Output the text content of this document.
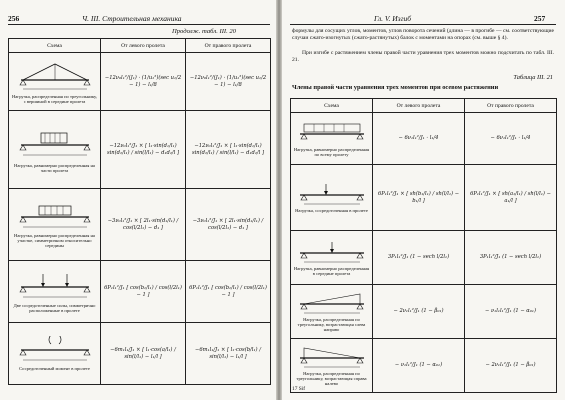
256	Ч. III. Строительная механика
Продолж. табл. III. 20
Схема	От левого пролета	От правого пролета

Нагрузка, распределенная по треугольнику, с вершиной в середине пролета	−12ν₀l₁²/(J₁) · (1/u₁²)(sec u₁/2 − 1) − l₁/8	−12ν₀l₁²/(J₁) · (1/u₁²)(sec u₁/2 − 1) − l₁/8

Нагрузка, равномерно распределенная на части пролета	−12ν₀l₁²/J₁ × [ l₁·sin(d₁/l₁) sin(d₂/l₁) / sin(l/l₁) − d₁d₂/l ]	−12ν₀l₁²/J₁ × [ l₁·sin(d₁/l₁) sin(d₂/l₁) / sin(l/l₁) − d₁d₂/l ]

Нагрузка, равномерно распределенная на участке, симметричном относительно середины	−3ν₀l₁²/J₁ × [ 2l₁·sin(d₁/l₁) / cos(l/2l₁) − d₁ ]	−3ν₀l₁²/J₁ × [ 2l₁·sin(d₁/l₁) / cos(l/2l₁) − d₁ ]

Две сосредоточенные силы, симметрично расположенные в пролете	6P₁l₁²/J₁ [ cos(b₁/l₁) / cos(l/2l₁) − 1 ]	6P₁l₁²/J₁ [ cos(b₁/l₁) / cos(l/2l₁) − 1 ]

Сосредоточенный момент в пролете	−6m₁l₁/J₁ × [ l₁·cos(a/l₁) / sin(l/l₁) − l₁/l ]	−6m₁l₁/J₁ × [ l₁·cos(b/l₁) / sin(l/l₁) − l₁/l ]
Гл. V. Изгиб	257
формулы для сосущих углов, моментов, углов поворота сечений (длина — в прогибе — см. соответствующие случаи сжато-изогнутых (сжато-растянутых) балок с моментами на опорах (см. выше § 4).
При изгибе с растяжением члены правой части уравнения трех моментов можно подсчитать по табл. III. 21.
Таблица III. 21
Члены правой части уравнения трех моментов при осевом растяжении
Схема	От левого пролета	От правого пролета

Нагрузка, равномерно распределенная по всему пролету	− 6ν₁l₁²/J₁ · l₁/4	− 6ν₁l₁²/J₁ · l₁/4

Нагрузка, сосредоточенная в пролете	6P₁l₁²/J₁ × [ sh(b₁/l₁) / sh(l/l₁) − b₁/l ]	6P₁l₁²/J₁ × [ sh(a₁/l₁) / sh(l/l₁) − a₁/l ]

Нагрузка, равномерно распределенная в середине пролета	3P₁l₁²/J₁ (1 − sech l/2l₁)	3P₁l₁²/J₁ (1 − sech l/2l₁)

Нагрузка, распределенная по треугольнику, возрастающая слева направо	− 2ν₁l₁²/J₁ (1 − β₀₁)	− ν₁l₁l₁²/J₁ (1 − α₀₁)

Нагрузка, распределенная по треугольнику, возрастающая справа налево	− ν₁l₁²/J₁ (1 − α₀₁)	− 2ν₁l₁²/J₁ (1 − β₀₁)
17 Sif
